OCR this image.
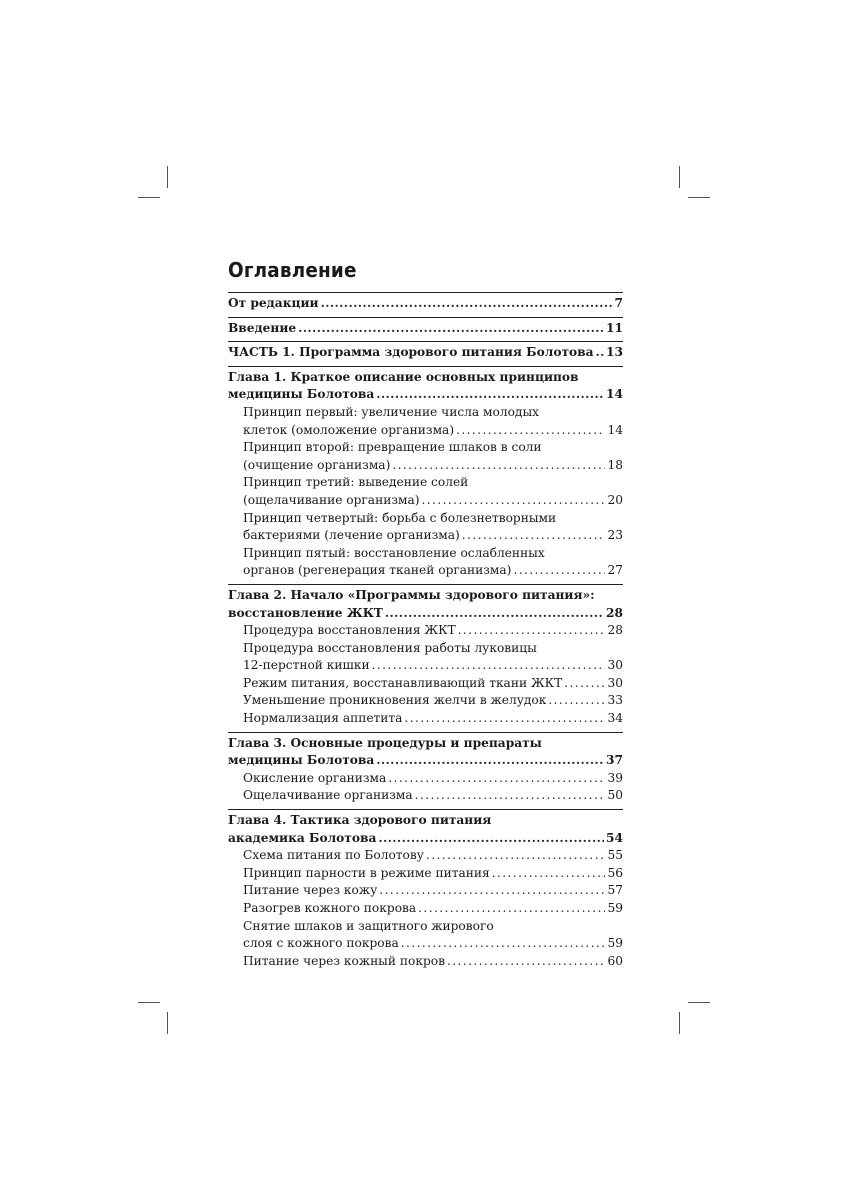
Оглавление
От редакции .....	7
Введение .....	11
ЧАСТЬ 1. Программа здорового питания Болотова ..... 13
Глава 1. Краткое описание основных принципов
медицины Болотова .....	14
Принцип первый: увеличение числа молодых
клеток (омоложение организма) .....	14
Принцип второй: превращение шлаков в соли
(очищение организма) .....	18
Принцип третий: выведение солей
(ощелачивание организма) .....	20
Принцип четвертый: борьба с болезнетворными
бактериями (лечение организма) .....	23
Принцип пятый: восстановление ослабленных
органов (регенерация тканей организма) .....	27
Глава 2. Начало «Программы здорового питания»:
восстановление ЖКТ .....	28
Процедура восстановления ЖКТ .....	28
Процедура восстановления работы луковицы
12-перстной кишки .....	30
Режим питания, восстанавливающий ткани ЖКТ .....	30
Уменьшение проникновения желчи в желудок .....	33
Нормализация аппетита .....	34
Глава 3. Основные процедуры и препараты
медицины Болотова .....	37
Окисление организма .....	39
Ощелачивание организма .....	50
Глава 4. Тактика здорового питания
академика Болотова .....	54
Схема питания по Болотову .....	55
Принцип парности в режиме питания .....	56
Питание через кожу .....	57
Разогрев кожного покрова .....	59
Снятие шлаков и защитного жирового
слоя с кожного покрова .....	59
Питание через кожный покров .....	60
